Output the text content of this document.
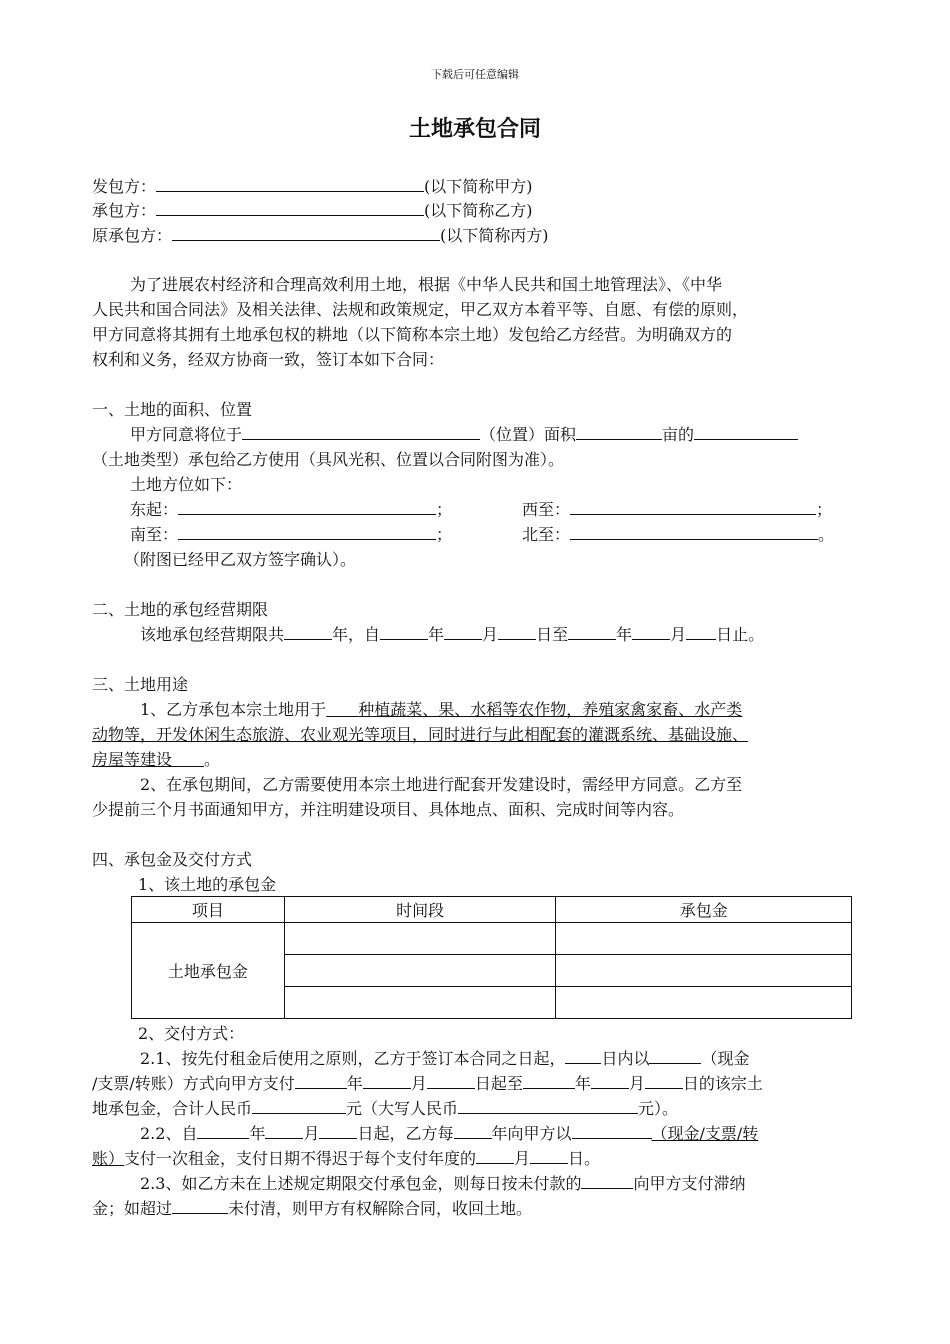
下载后可任意编辑
土地承包合同
发包方：	(以下简称甲方)
承包方：	(以下简称乙方)
原承包方：	(以下简称丙方)
为了进展农村经济和合理高效利用土地，根据《中华人民共和国土地管理法》、《中华
人民共和国合同法》及相关法律、法规和政策规定，甲乙双方本着平等、自愿、有偿的原则，
甲方同意将其拥有土地承包权的耕地（以下简称本宗土地）发包给乙方经营。为明确双方的
权利和义务，经双方协商一致，签订本如下合同：
一、土地的面积、位置
甲方同意将位于	（位置）面积	亩的
（土地类型）承包给乙方使用（具风光积、位置以合同附图为准）。
土地方位如下：
东起：	；	西至：	；
南至：	；	北至：	。
（附图已经甲乙双方签字确认）。
二、土地的承包经营期限
该地承包经营期限共	年，自	年 月 日至	年 月 日止。
三、土地用途
1、乙方承包本宗土地用于　　 种植蔬菜、果、水稻等农作物，养殖家禽家畜、水产类
动物等，开发休闲生态旅游、农业观光等项目，同时进行与此相配套的灌溉系统、基础设施、
房屋等建设　　 。
2、在承包期间，乙方需要使用本宗土地进行配套开发建设时，需经甲方同意。乙方至
少提前三个月书面通知甲方，并注明建设项目、具体地点、面积、完成时间等内容。
四、承包金及交付方式
1、该土地的承包金
项目	时间段	承包金
土地承包金		

2、交付方式：
2.1、按先付租金后使用之原则，乙方于签订本合同之日起， 日内以	（现金
/支票/转账）方式向甲方支付	年	月	日起至	年 月 日的该宗土
地承包金，合计人民币	元（大写人民币	元）。
2.2、自	年 月 日起，乙方每 年向甲方以	（现金/支票/转
账）支付一次租金，支付日期不得迟于每个支付年度的 月 日。
2.3、如乙方未在上述规定期限交付承包金，则每日按未付款的	向甲方支付滞纳
金；如超过	未付清，则甲方有权解除合同，收回土地。
